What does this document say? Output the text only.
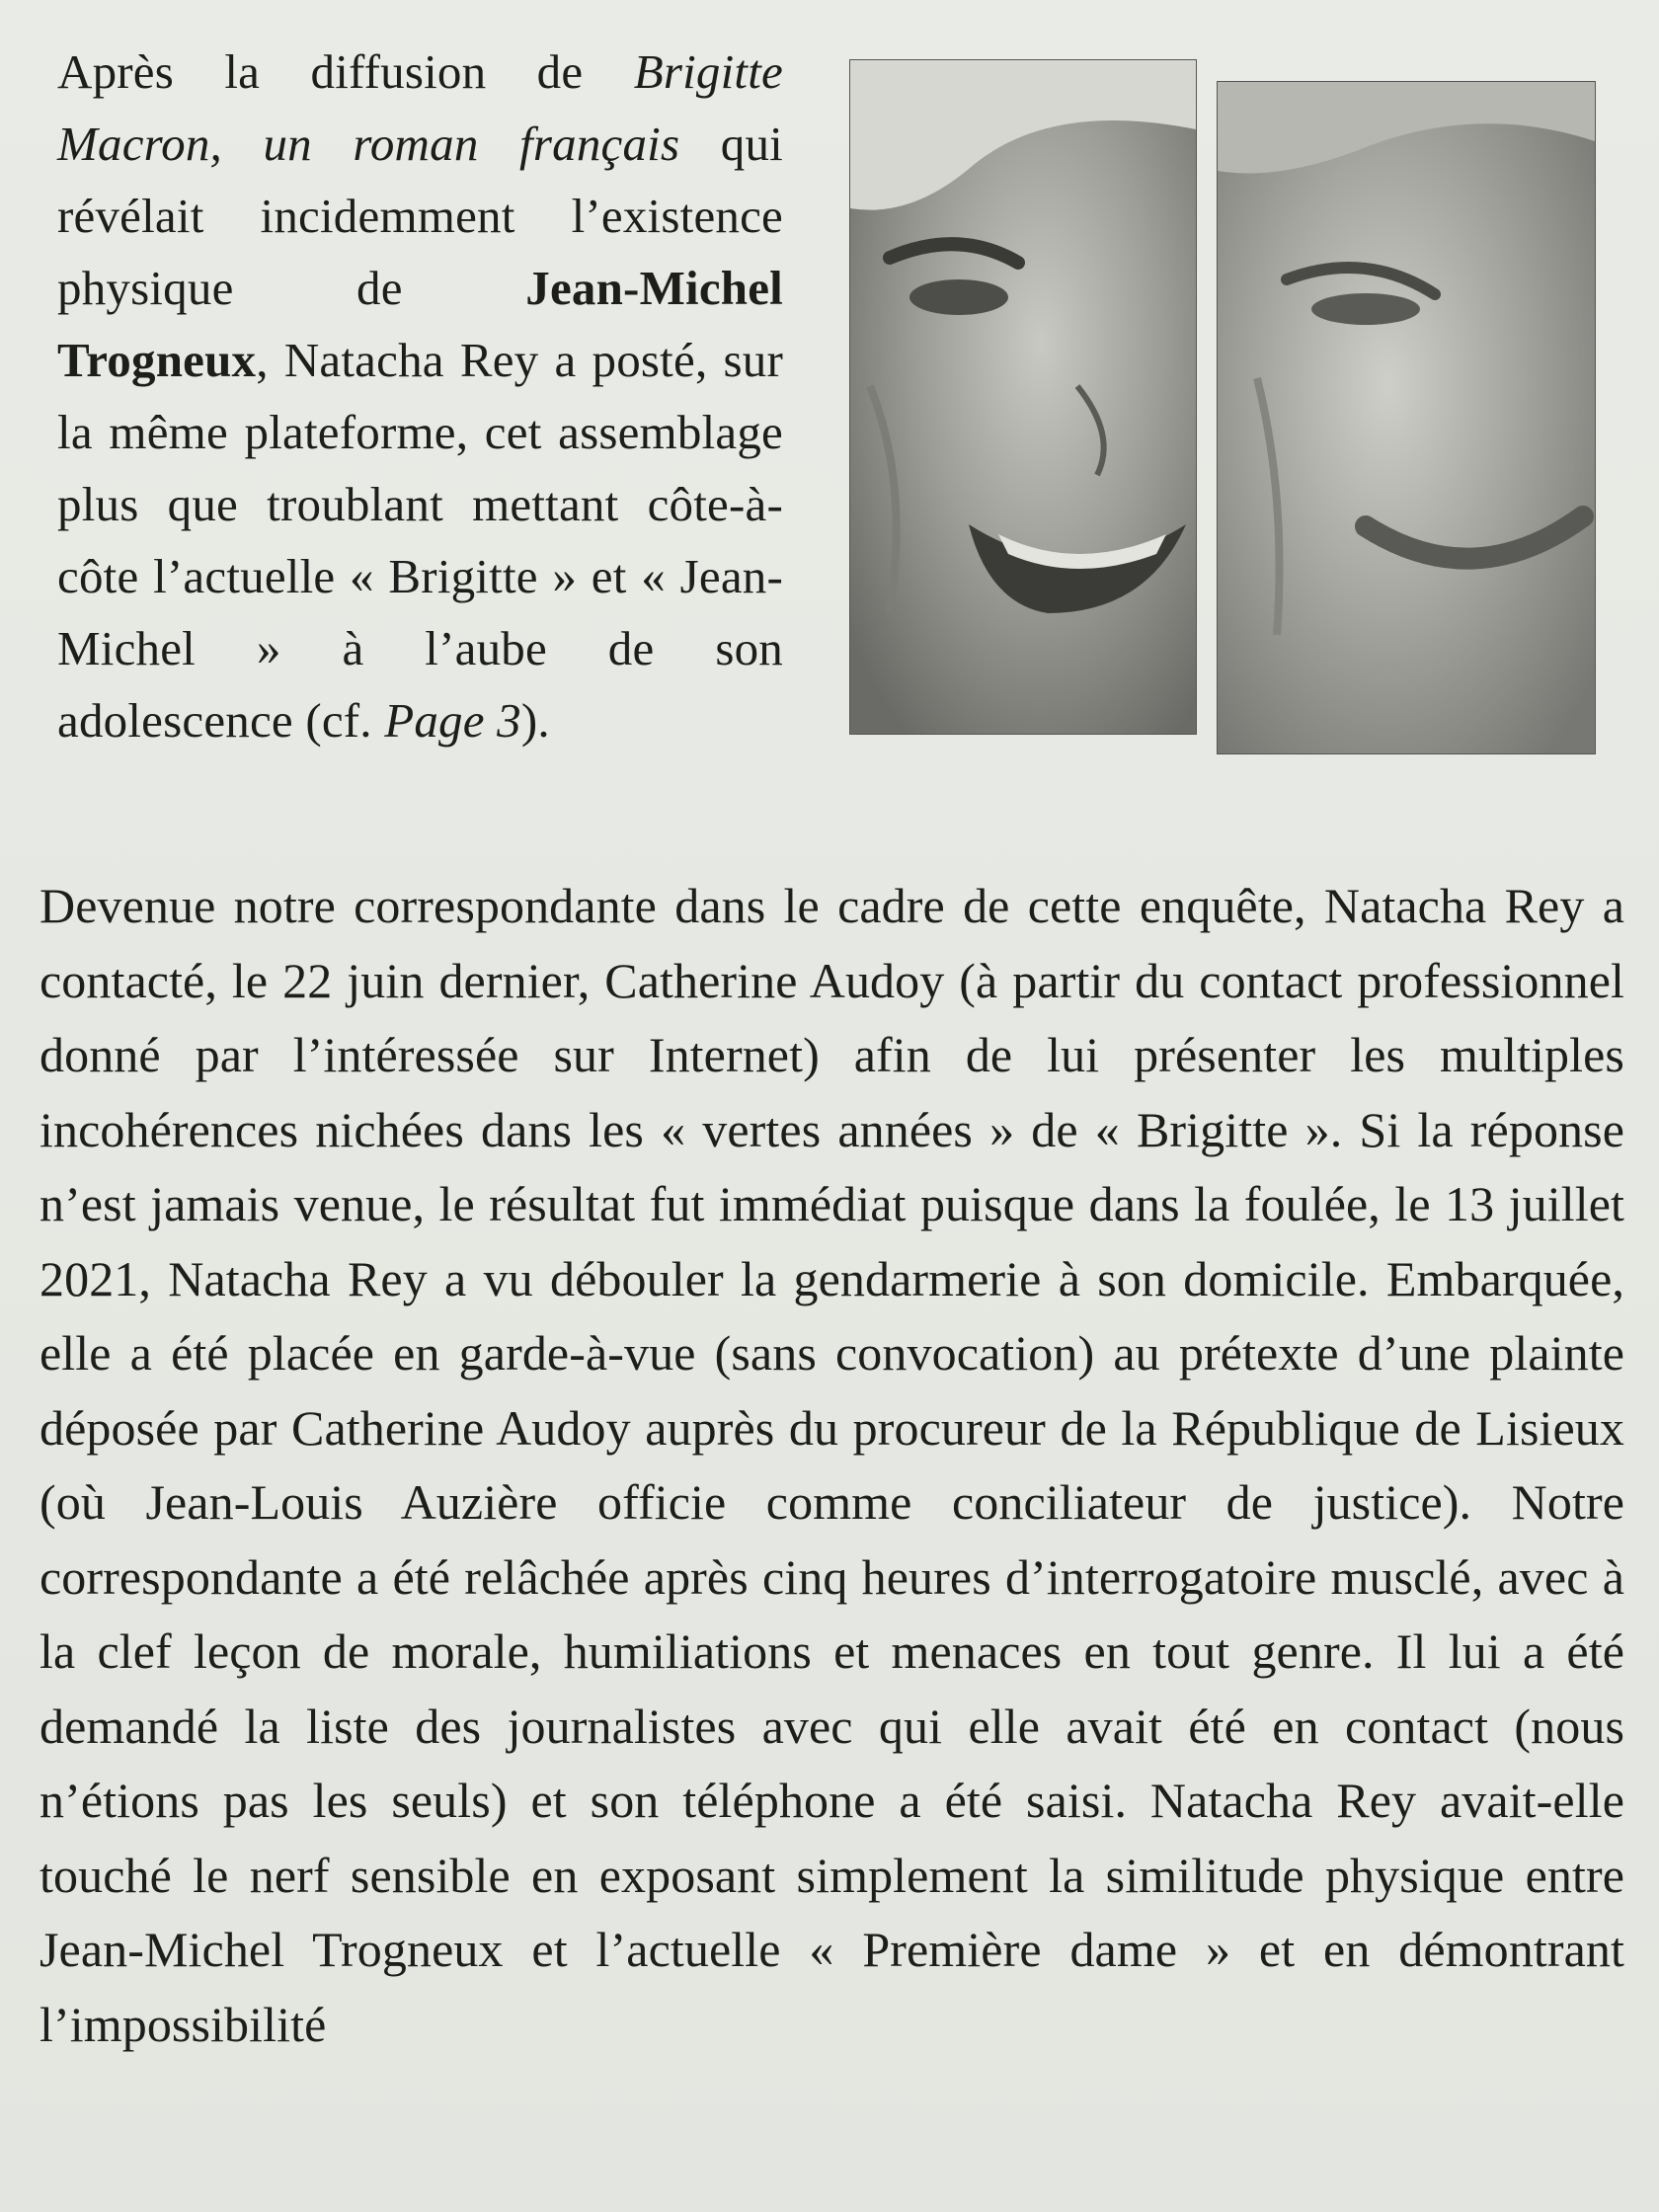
Après la diffusion de Brigitte Macron, un roman français qui révélait incidemment l’existence physique de Jean-Michel Trogneux, Natacha Rey a posté, sur la même plateforme, cet assemblage plus que troublant mettant côte-à-côte l’actuelle « Brigitte » et « Jean-Michel » à l’aube de son adolescence (cf. Page 3).

Devenue notre correspondante dans le cadre de cette enquête, Natacha Rey a contacté, le 22 juin dernier, Catherine Audoy (à partir du contact professionnel donné par l’intéressée sur Internet) afin de lui présenter les multiples incohérences nichées dans les « vertes années » de « Brigitte ». Si la réponse n’est jamais venue, le résultat fut immédiat puisque dans la foulée, le 13 juillet 2021, Natacha Rey a vu débouler la gendarmerie à son domicile. Embarquée, elle a été placée en garde-à-vue (sans convocation) au prétexte d’une plainte déposée par Catherine Audoy auprès du procureur de la République de Lisieux (où Jean-Louis Auzière officie comme conciliateur de justice). Notre correspondante a été relâchée après cinq heures d’interrogatoire musclé, avec à la clef leçon de morale, humiliations et menaces en tout genre. Il lui a été demandé la liste des journalistes avec qui elle avait été en contact (nous n’étions pas les seuls) et son téléphone a été saisi. Natacha Rey avait-elle touché le nerf sensible en exposant simplement la similitude physique entre Jean-Michel Trogneux et l’actuelle « Première dame » et en démontrant l’impossibilité
